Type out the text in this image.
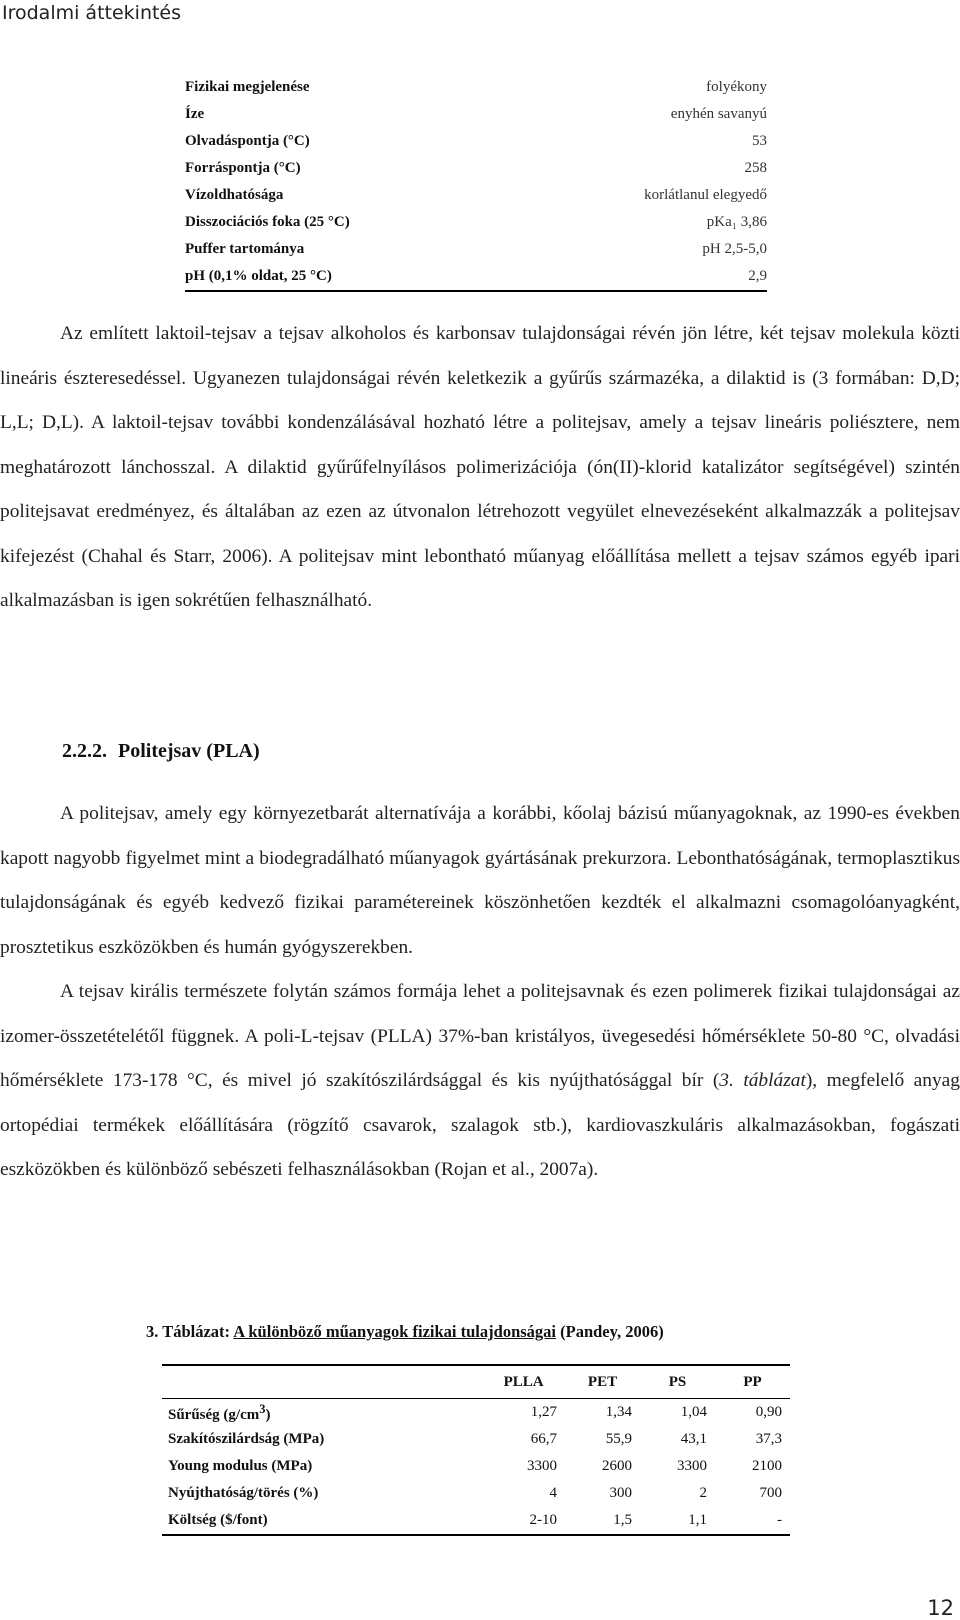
Irodalmi áttekintés
Fizikai megjelenése	folyékony
Íze	enyhén savanyú
Olvadáspontja (°C)	53
Forráspontja (°C)	258
Vízoldhatósága	korlátlanul elegyedő
Disszociációs foka (25 °C)	pKa₁ 3,86
Puffer tartománya	pH 2,5-5,0
pH (0,1% oldat, 25 °C)	2,9

Az említett laktoil-tejsav a tejsav alkoholos és karbonsav tulajdonságai révén jön létre, két tejsav molekula közti lineáris észteresedéssel. Ugyanezen tulajdonságai révén keletkezik a gyűrűs származéka, a dilaktid is (3 formában: D,D; L,L; D,L). A laktoil-tejsav további kondenzálásával hozható létre a politejsav, amely a tejsav lineáris poliésztere, nem meghatározott lánchosszal. A dilaktid gyűrűfelnyílásos polimerizációja (ón(II)-klorid katalizátor segítségével) szintén politejsavat eredményez, és általában az ezen az útvonalon létrehozott vegyület elnevezéseként alkalmazzák a politejsav kifejezést (Chahal és Starr, 2006). A politejsav mint lebontható műanyag előállítása mellett a tejsav számos egyéb ipari alkalmazásban is igen sokrétűen felhasználható.

2.2.2. Politejsav (PLA)

A politejsav, amely egy környezetbarát alternatívája a korábbi, kőolaj bázisú műanyagoknak, az 1990-es években kapott nagyobb figyelmet mint a biodegradálható műanyagok gyártásának prekurzora. Lebonthatóságának, termoplasztikus tulajdonságának és egyéb kedvező fizikai paramétereinek köszönhetően kezdték el alkalmazni csomagolóanyagként, prosztetikus eszközökben és humán gyógyszerekben.

A tejsav királis természete folytán számos formája lehet a politejsavnak és ezen polimerek fizikai tulajdonságai az izomer-összetételétől függnek. A poli-L-tejsav (PLLA) 37%-ban kristályos, üvegesedési hőmérséklete 50-80 °C, olvadási hőmérséklete 173-178 °C, és mivel jó szakítószilárdsággal és kis nyújthatósággal bír (3. táblázat), megfelelő anyag ortopédiai termékek előállítására (rögzítő csavarok, szalagok stb.), kardiovaszkuláris alkalmazásokban, fogászati eszközökben és különböző sebészeti felhasználásokban (Rojan et al., 2007a).

3. Táblázat: A különböző műanyagok fizikai tulajdonságai (Pandey, 2006)

	PLLA	PET	PS	PP
Sűrűség $(g/cm^3)$	1,27	1,34	1,04	0,90
Szakítószilárdság (MPa)	66,7	55,9	43,1	37,3
Young modulus (MPa)	3300	2600	3300	2100
Nyújthatóság/törés (%)	4	300	2	700
Költség ($/font)	2-10	1,5	1,1	-
12
